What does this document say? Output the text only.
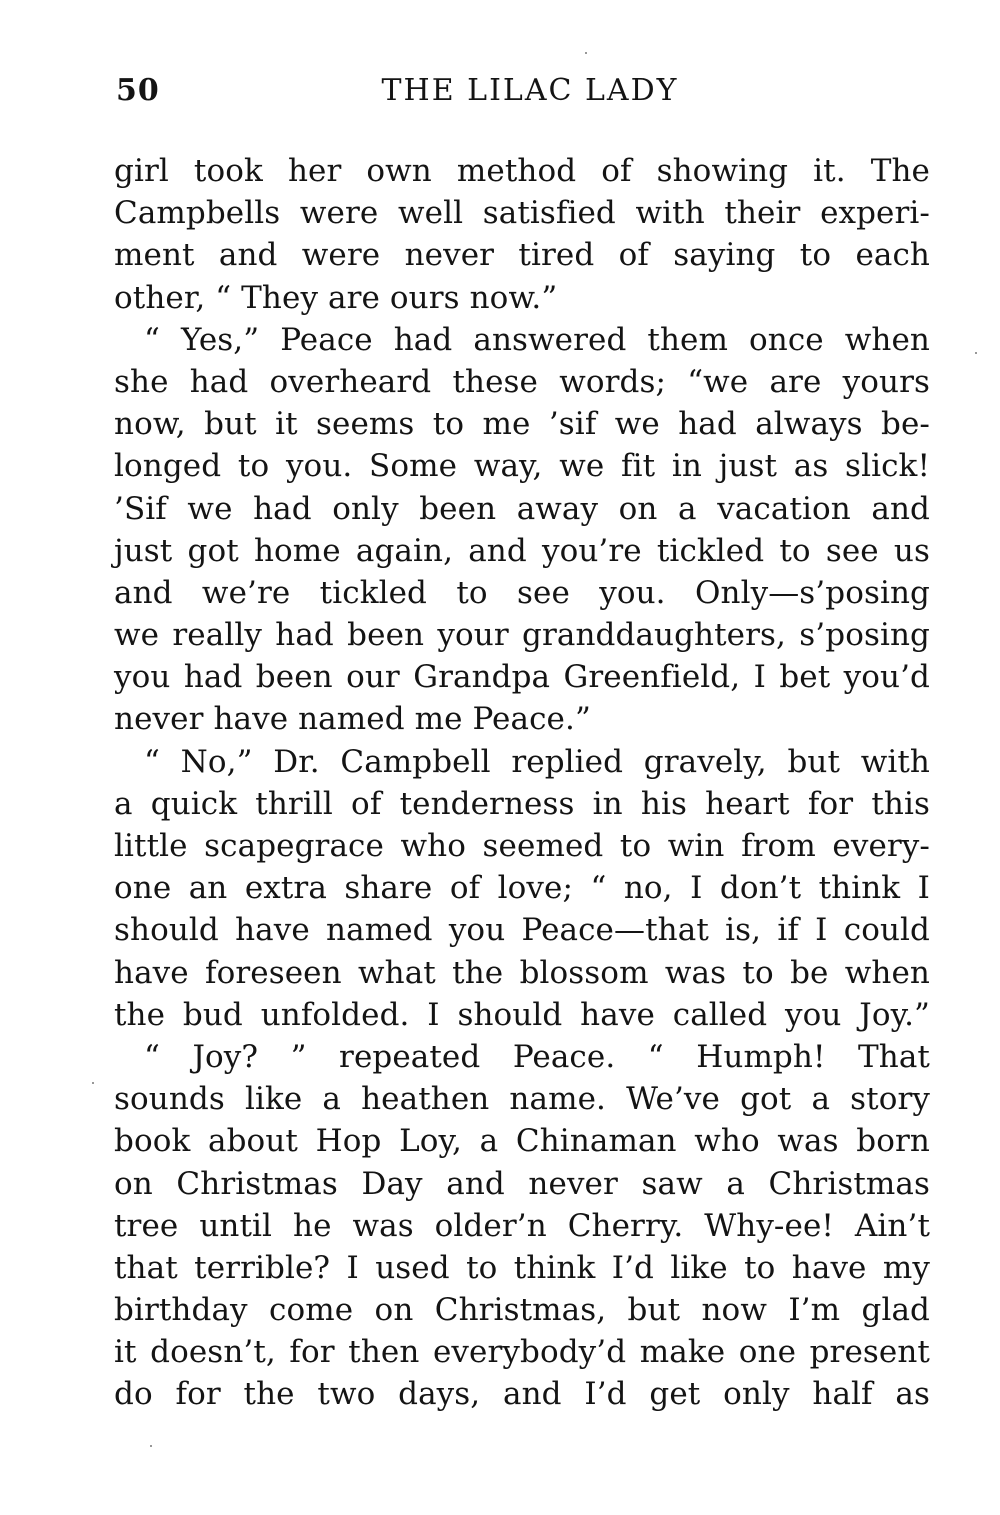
50	THE LILAC LADY
girl took her own method of showing it. The
Campbells were well satisfied with their experi-
ment and were never tired of saying to each
other, “ They are ours now.”
“ Yes,” Peace had answered them once when
she had overheard these words; “we are yours
now, but it seems to me ’sif we had always be-
longed to you. Some way, we fit in just as slick!
’Sif we had only been away on a vacation and
just got home again, and you’re tickled to see us
and we’re tickled to see you. Only—s’posing
we really had been your granddaughters, s’posing
you had been our Grandpa Greenfield, I bet you’d
never have named me Peace.”
“ No,” Dr. Campbell replied gravely, but with
a quick thrill of tenderness in his heart for this
little scapegrace who seemed to win from every-
one an extra share of love; “ no, I don’t think I
should have named you Peace—that is, if I could
have foreseen what the blossom was to be when
the bud unfolded. I should have called you Joy.”
“ Joy? ” repeated Peace. “ Humph! That
sounds like a heathen name. We’ve got a story
book about Hop Loy, a Chinaman who was born
on Christmas Day and never saw a Christmas
tree until he was older’n Cherry. Why-ee! Ain’t
that terrible? I used to think I’d like to have my
birthday come on Christmas, but now I’m glad
it doesn’t, for then everybody’d make one present
do for the two days, and I’d get only half as
